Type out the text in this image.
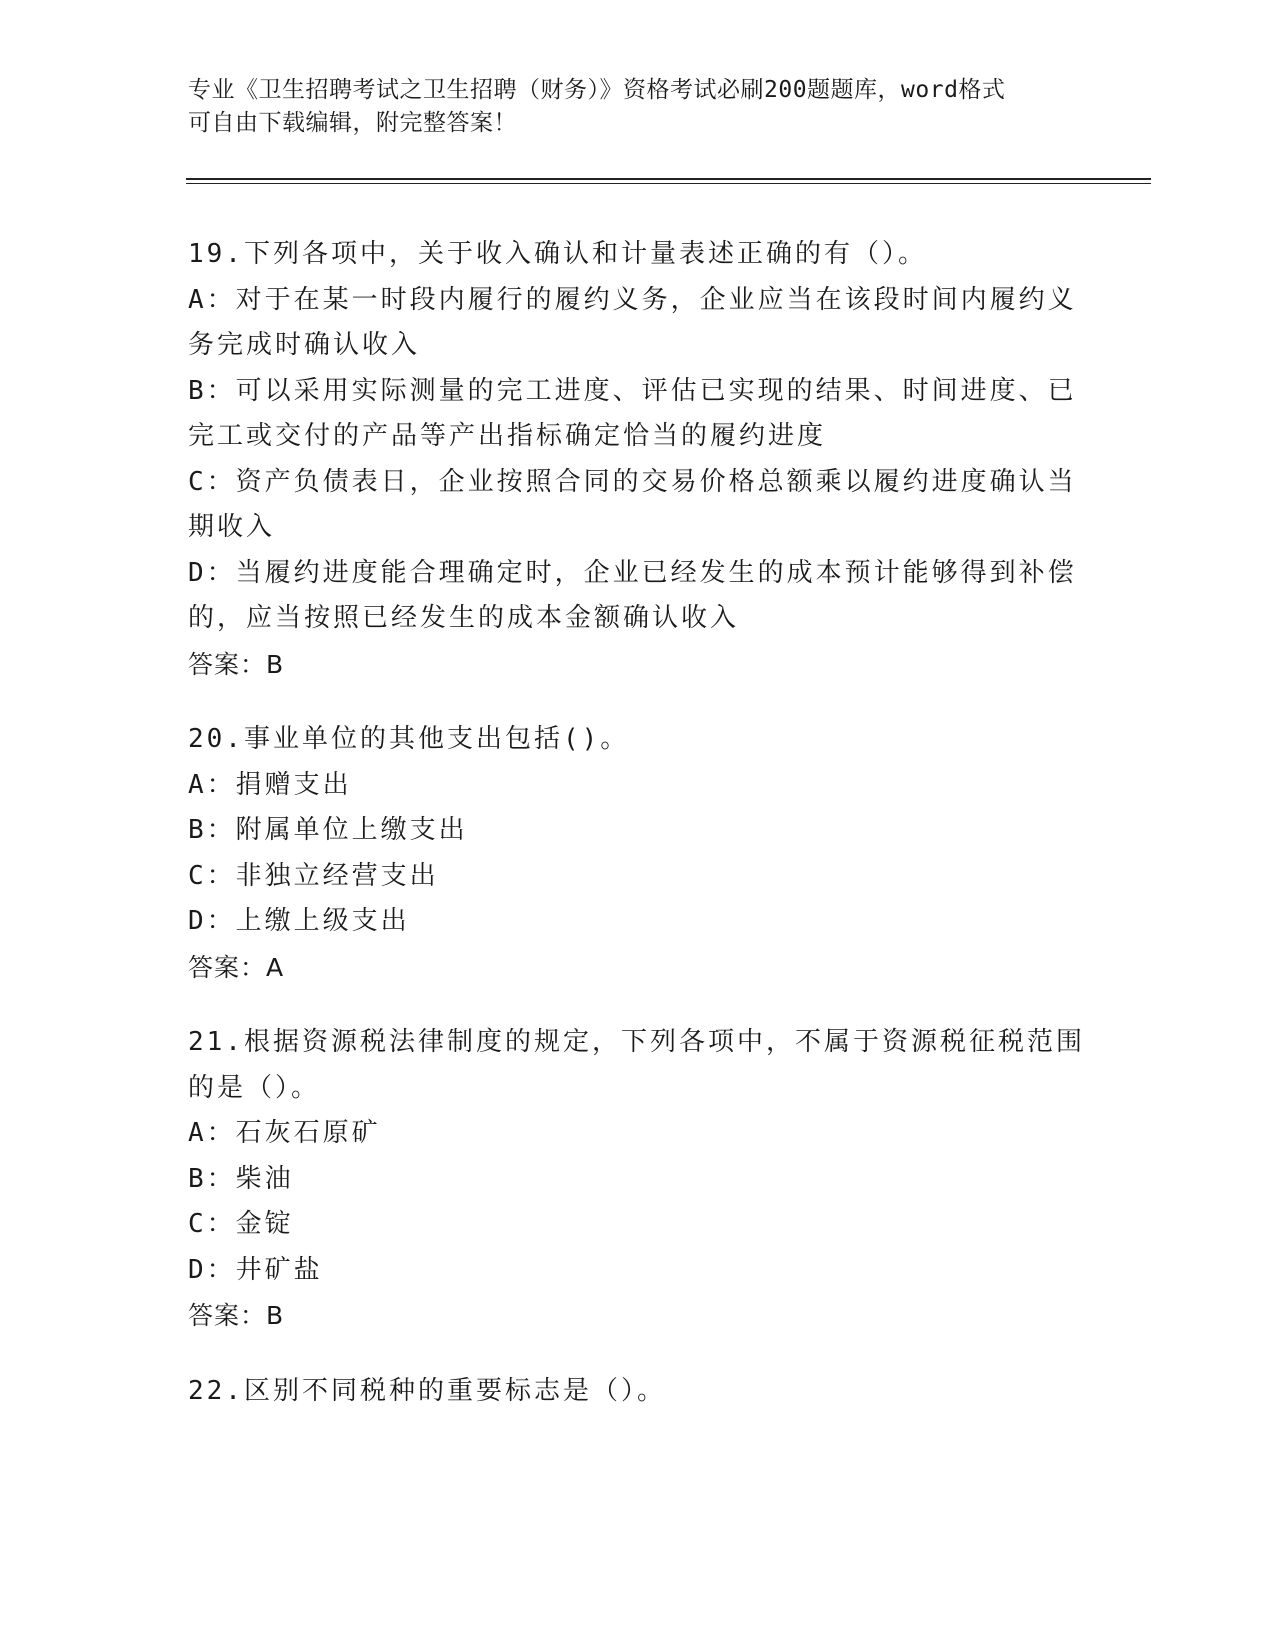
专业《卫生招聘考试之卫生招聘（财务）》资格考试必刷200题题库，word格式
可自由下载编辑，附完整答案！
19.下列各项中，关于收入确认和计量表述正确的有（）。
A：对于在某一时段内履行的履约义务，企业应当在该段时间内履约义
务完成时确认收入
B：可以采用实际测量的完工进度、评估已实现的结果、时间进度、已
完工或交付的产品等产出指标确定恰当的履约进度
C：资产负债表日，企业按照合同的交易价格总额乘以履约进度确认当
期收入
D：当履约进度能合理确定时，企业已经发生的成本预计能够得到补偿
的，应当按照已经发生的成本金额确认收入
答案：B
20.事业单位的其他支出包括()。
A：捐赠支出
B：附属单位上缴支出
C：非独立经营支出
D：上缴上级支出
答案：A
21.根据资源税法律制度的规定，下列各项中，不属于资源税征税范围
的是（）。
A：石灰石原矿
B：柴油
C：金锭
D：井矿盐
答案：B
22.区别不同税种的重要标志是（）。
